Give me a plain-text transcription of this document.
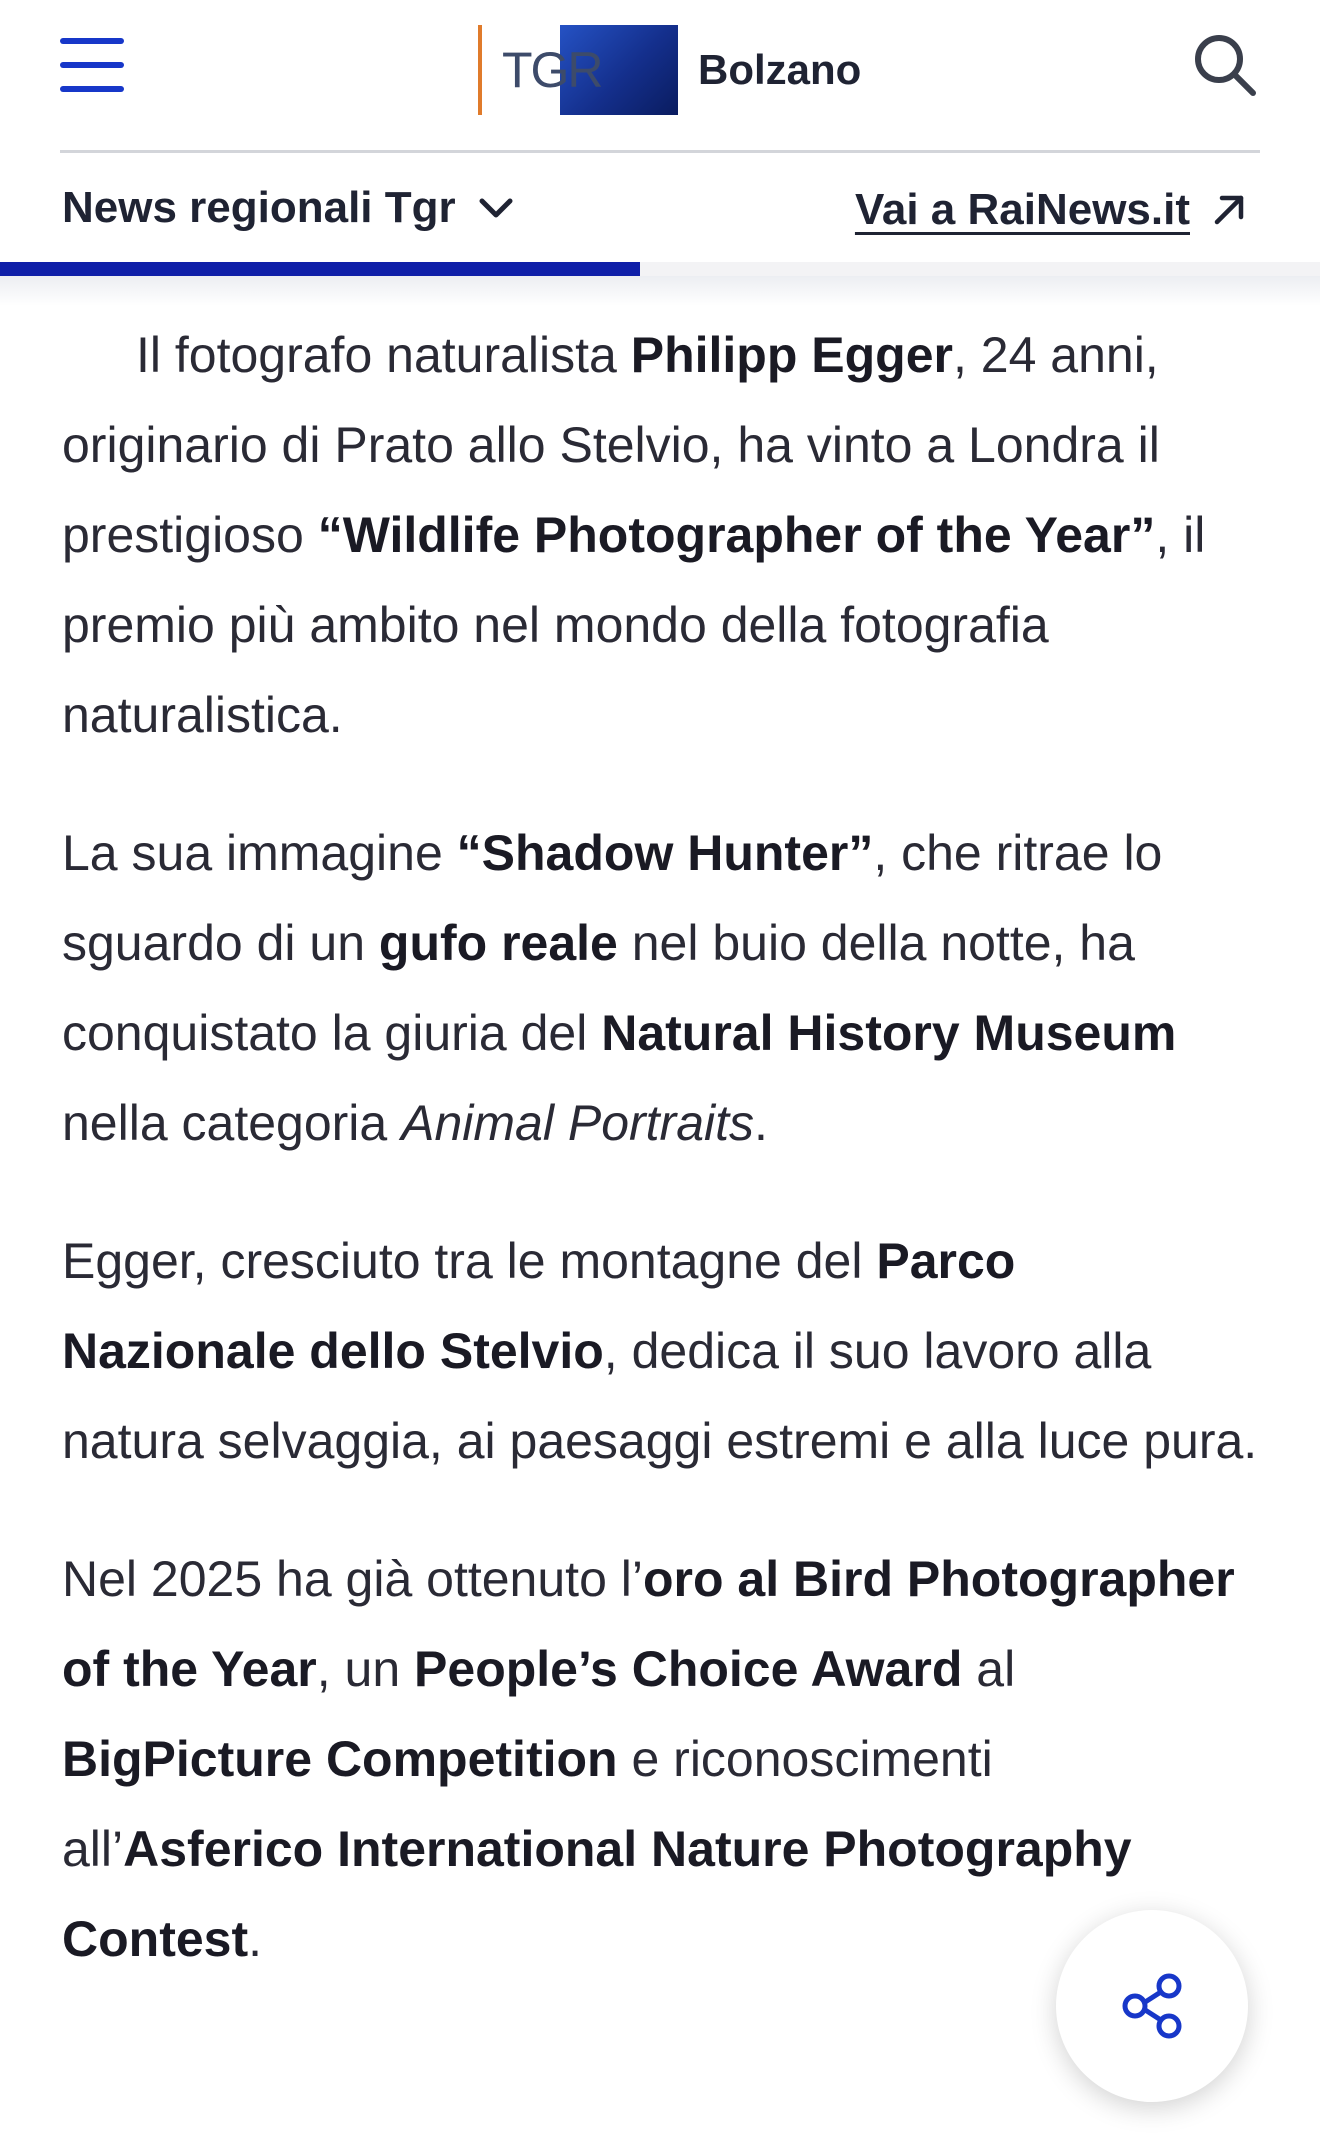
TGR Bolzano
News regionali Tgr	Vai a RaiNews.it

Il fotografo naturalista Philipp Egger, 24 anni, originario di Prato allo Stelvio, ha vinto a Londra il prestigioso “Wildlife Photographer of the Year”, il premio più ambito nel mondo della fotografia naturalistica.

La sua immagine “Shadow Hunter”, che ritrae lo sguardo di un gufo reale nel buio della notte, ha conquistato la giuria del Natural History Museum nella categoria Animal Portraits.

Egger, cresciuto tra le montagne del Parco Nazionale dello Stelvio, dedica il suo lavoro alla natura selvaggia, ai paesaggi estremi e alla luce pura.

Nel 2025 ha già ottenuto l’oro al Bird Photographer of the Year, un People’s Choice Award al BigPicture Competition e riconoscimenti all’Asferico International Nature Photography Contest.
